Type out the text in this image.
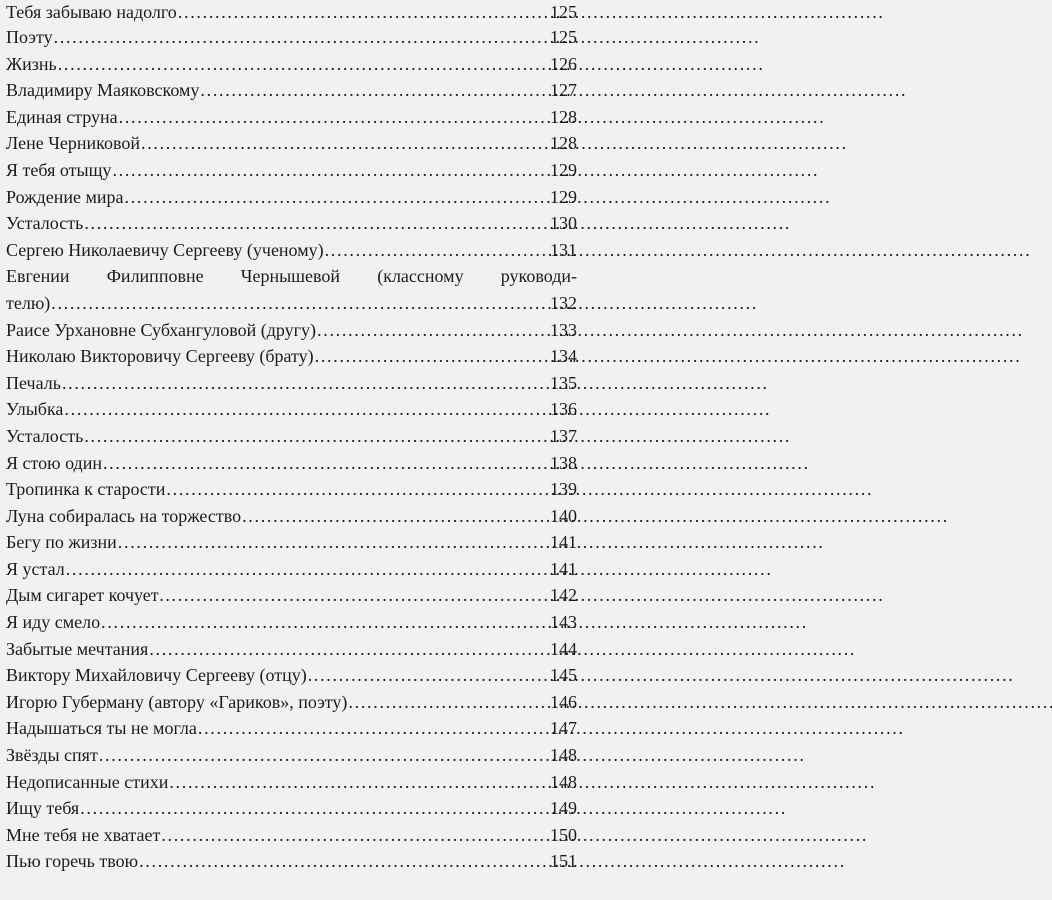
Тебя забываю надолго . . .	125
Поэту . . .	125
Жизнь . . .	126
Владимиру Маяковскому . . .	127
Единая струна . . .	128
Лене Черниковой . . .	128
Я тебя отыщу . . .	129
Рождение мира . . .	129
Усталость . . .	130
Сергею Николаевичу Сергееву (ученому) . . .	131
Евгении Филипповне Чернышевой (классному руководи-
телю) . . .	132
Раисе Урхановне Субхангуловой (другу) . . .	133
Николаю Викторовичу Сергееву (брату) . . .	134
Печаль . . .	135
Улыбка . . .	136
Усталость . . .	137
Я стою один . . .	138
Тропинка к старости . . .	139
Луна собиралась на торжество . . .	140
Бегу по жизни . . .	141
Я устал . . .	141
Дым сигарет кочует… . . .	142
Я иду смело . . .	143
Забытые мечтания . . .	144
Виктору Михайловичу Сергееву (отцу) . . .	145
Игорю Губерману (автору «Гариков», поэту) . . .	146
Надышаться ты не могла . . .	147
Звёзды спят . . .	148
Недописанные стихи . . .	148
Ищу тебя . . .	149
Мне тебя не хватает . . .	150
Пью горечь твою . . .	151
